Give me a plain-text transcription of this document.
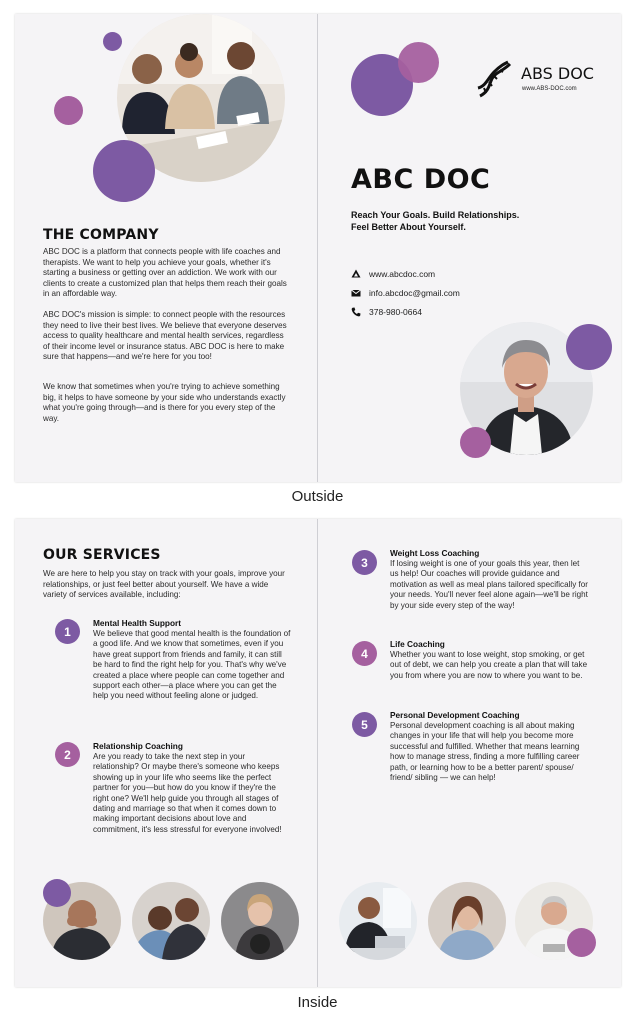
THE COMPANY
ABC DOC is a platform that connects people with life coaches and therapists. We want to help you achieve your goals, whether it's starting a business or getting over an addiction. We work with our clients to create a customized plan that helps them reach their goals in an affordable way.
ABC DOC's mission is simple: to connect people with the resources they need to live their best lives. We believe that everyone deserves access to quality healthcare and mental health services, regardless of their income level or insurance status. ABC DOC is here to make sure that happens—and we're here for you too!
We know that sometimes when you're trying to achieve something big, it helps to have someone by your side who understands exactly what you're going through—and is there for you every step of the way.
ABS DOC
www.ABS-DOC.com
ABC DOC
Reach Your Goals. Build Relationships.
Feel Better About Yourself.
www.abcdoc.com
info.abcdoc@gmail.com
378-980-0664
Outside
OUR SERVICES
We are here to help you stay on track with your goals, improve your relationships, or just feel better about yourself. We have a wide variety of services available, including:
1
Mental Health Support
We believe that good mental health is the foundation of a good life. And we know that sometimes, even if you have great support from friends and family, it can still be hard to find the right help for you. That's why we've created a place where people can come together and support each other—a place where you can get the help you need without feeling alone or judged.
2
Relationship Coaching
Are you ready to take the next step in your relationship? Or maybe there's someone who keeps showing up in your life who seems like the perfect partner for you—but how do you know if they're the right one? We'll help guide you through all stages of dating and marriage so that when it comes down to making important decisions about love and commitment, it's less stressful for everyone involved!
3
Weight Loss Coaching
If losing weight is one of your goals this year, then let us help! Our coaches will provide guidance and motivation as well as meal plans tailored specifically for your needs. You'll never feel alone again—we'll be right by your side every step of the way!
4
Life Coaching
Whether you want to lose weight, stop smoking, or get out of debt, we can help you create a plan that will take you from where you are now to where you want to be.
5
Personal Development Coaching
Personal development coaching is all about making changes in your life that will help you become more successful and fulfilled. Whether that means learning how to manage stress, finding a more fulfilling career path, or learning how to be a better parent/ spouse/ friend/ sibling — we can help!
Inside
